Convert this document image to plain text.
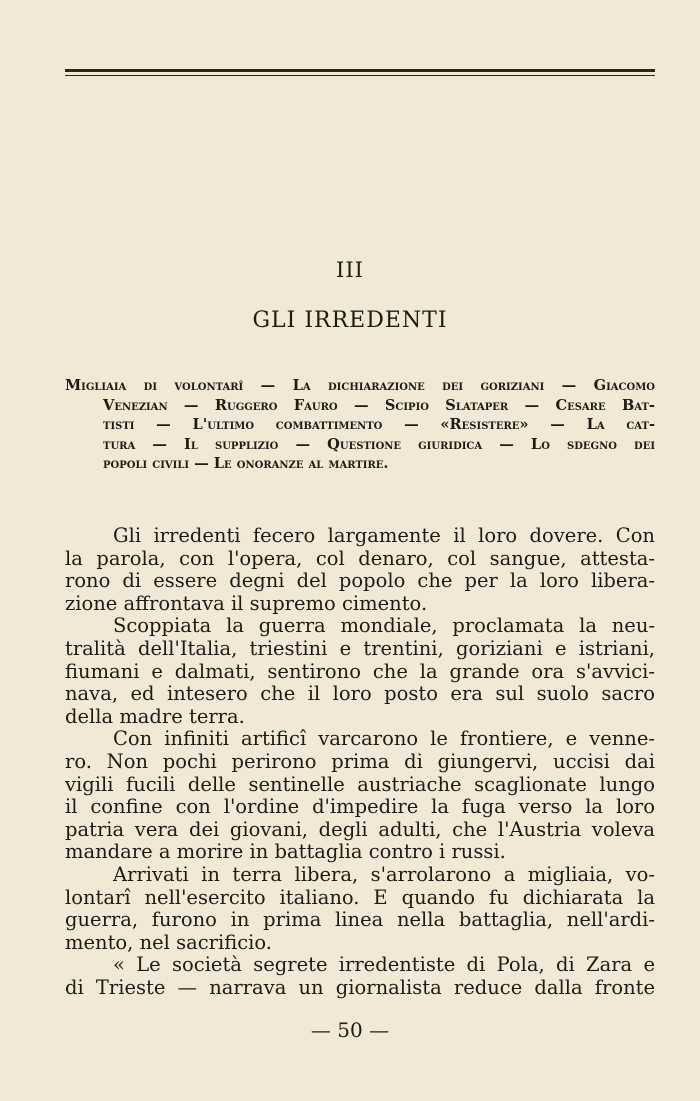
III
GLI IRREDENTI
Migliaia di volontarî — La dichiarazione dei goriziani — Giacomo
Venezian — Ruggero Fauro — Scipio Slataper — Cesare Bat-
tisti — L'ultimo combattimento — «Resistere» — La cat-
tura — Il supplizio — Questione giuridica — Lo sdegno dei
popoli civili — Le onoranze al martire.
Gli irredenti fecero largamente il loro dovere. Con
la parola, con l'opera, col denaro, col sangue, attesta-
rono di essere degni del popolo che per la loro libera-
zione affrontava il supremo cimento.
Scoppiata la guerra mondiale, proclamata la neu-
tralità dell'Italia, triestini e trentini, goriziani e istriani,
fiumani e dalmati, sentirono che la grande ora s'avvici-
nava, ed intesero che il loro posto era sul suolo sacro
della madre terra.
Con infiniti artificî varcarono le frontiere, e venne-
ro. Non pochi perirono prima di giungervi, uccisi dai
vigili fucili delle sentinelle austriache scaglionate lungo
il confine con l'ordine d'impedire la fuga verso la loro
patria vera dei giovani, degli adulti, che l'Austria voleva
mandare a morire in battaglia contro i russi.
Arrivati in terra libera, s'arrolarono a migliaia, vo-
lontarî nell'esercito italiano. E quando fu dichiarata la
guerra, furono in prima linea nella battaglia, nell'ardi-
mento, nel sacrificio.
« Le società segrete irredentiste di Pola, di Zara e
di Trieste — narrava un giornalista reduce dalla fronte
— 50 —
